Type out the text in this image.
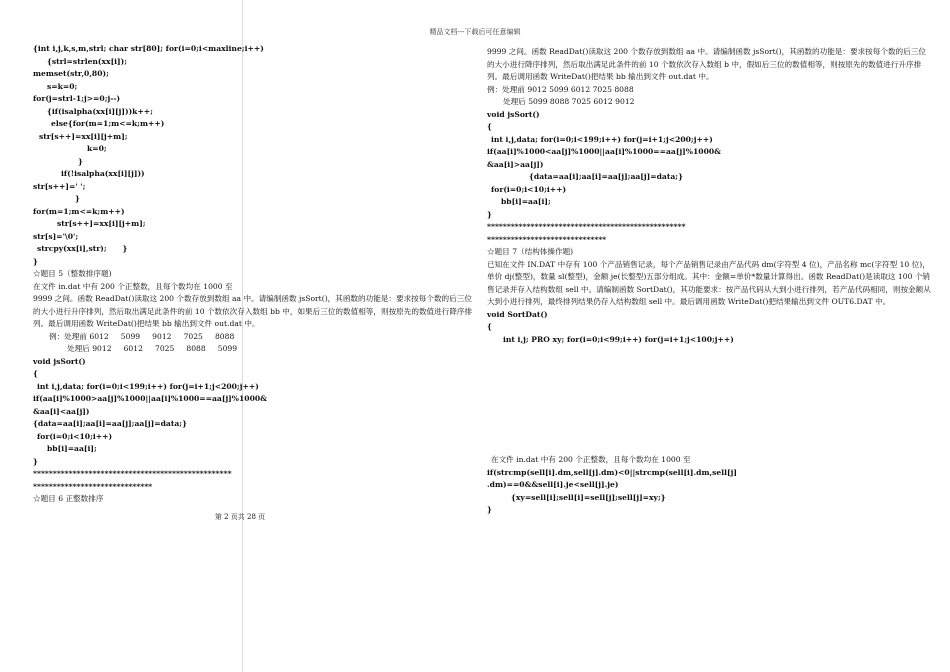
精品文档---下载后可任意编辑
{int i,j,k,s,m,strl; char str[80]; for(i=0;i<maxline;i++)
{strl=strlen(xx[i]);
memset(str,0,80);
s=k=0;
for(j=strl-1;j>=0;j--)
{if(isalpha(xx[i][j]))k++;
else{for(m=1;m<=k;m++)
str[s++]=xx[i][j+m];
k=0;
}
if(!isalpha(xx[i][j]))
str[s++]=' ';
}
for(m=1;m<=k;m++)
str[s++]=xx[i][j+m];
str[s]='\0';
strcpy(xx[i],str);      }
}
☆题目 5（整数排序题)
在文件 in.dat 中有 200 个正整数，且每个数均在 1000 至
9999 之间。函数 ReadDat()读取这 200 个数存放到数组 aa 中。请编制函数 jsSort()，其函数的功能是：要求按每个数的后三位的大小进行升序排列，然后取出满足此条件的前 10 个数依次存入数组 bb 中，如果后三位的数值相等，则按原先的数值进行降序排列。最后调用函数 WriteDat()把结果 bb 输出到文件 out.dat 中。
例：处理前 6012     5099     9012     7025     8088
处理后 9012     6012     7025     8088     5099
void jsSort()
{
int i,j,data; for(i=0;i<199;i++) for(j=i+1;j<200;j++)
if(aa[i]%1000>aa[j]%1000||aa[i]%1000==aa[j]%1000&
&aa[i]<aa[j])
{data=aa[i];aa[i]=aa[j];aa[j]=data;}
for(i=0;i<10;i++)
bb[i]=aa[i];
}
**************************************************
******************************
☆题目 6 正整数排序
9999 之间。函数 ReadDat()读取这 200 个数存放到数组 aa 中。请编制函数 jsSort()，其函数的功能是：要求按每个数的后三位的大小进行降序排列，然后取出满足此条件的前 10 个数依次存入数组 b 中，假如后三位的数值相等，则按原先的数值进行升序排列。最后调用函数 WriteDat()把结果 bb 输出到文件 out.dat 中。
例：处理前 9012 5099 6012 7025 8088
处理后 5099 8088 7025 6012 9012
void jsSort()
{
int i,j,data; for(i=0;i<199;i++) for(j=i+1;j<200;j++)
if(aa[i]%1000<aa[j]%1000||aa[i]%1000==aa[j]%1000&
&aa[i]>aa[j])
{data=aa[i];aa[i]=aa[j];aa[j]=data;}
for(i=0;i<10;i++)
bb[i]=aa[i];
}
**************************************************
******************************
☆题目 7（结构体操作题)
已知在文件 IN.DAT 中存有 100 个产品销售记录，每个产品销售记录由产品代码 dm(字符型 4 位)，产品名称 mc(字符型 10 位)，单价 dj(整型)，数量 sl(整型)，金额 je(长整型)五部分组成。其中：金额=单价*数量计算得出。函数 ReadDat()是读取这 100 个销售记录并存入结构数组 sell 中。请编制函数 SortDat()，其功能要求：按产品代码从大到小进行排列，若产品代码相同，则按金额从大到小进行排列，最终排列结果仍存入结构数组 sell 中。最后调用函数 WriteDat()把结果输出到文件 OUT6.DAT 中。
void SortDat()
{
int i,j; PRO xy; for(i=0;i<99;i++) for(j=i+1;j<100;j++)
在文件 in.dat 中有 200 个正整数，且每个数均在 1000 至
if(strcmp(sell[i].dm,sell[j].dm)<0||strcmp(sell[i].dm,sell[j]
.dm)==0&&sell[i].je<sell[j].je)
{xy=sell[i];sell[i]=sell[j];sell[j]=xy;}
}
第 2 页共 28 页
